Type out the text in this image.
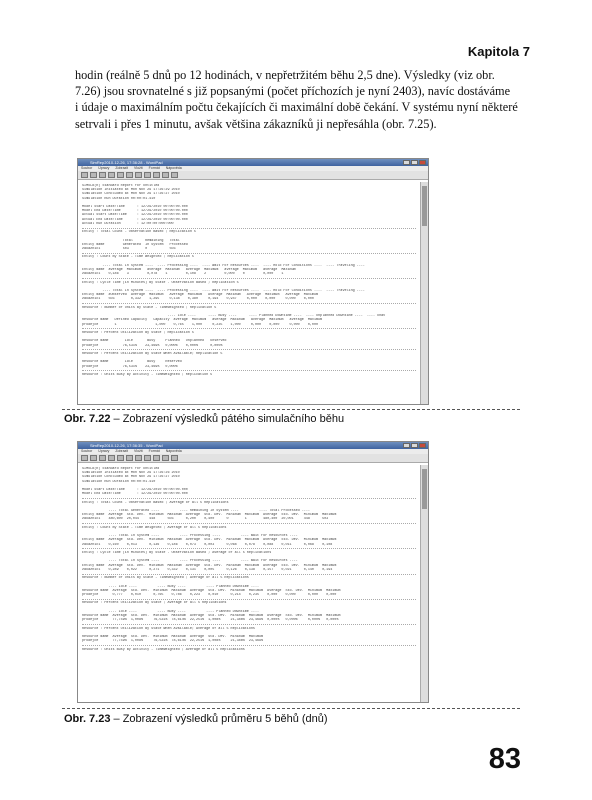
Kapitola 7
hodin (reálně 5 dnů po 12 hodinách, v nepřetržitém běhu 2,5 dne). Výsledky (viz obr.
7.26) jsou srovnatelné s již popsanými (počet příchozích je nyní 2403), navíc dostáváme
i údaje o maximálním počtu čekajících či maximální době čekání. V systému nyní některé
setrvali i přes 1 minutu, avšak většina zákazníků ji nepřesáhla (obr. 7.25).
SimRep2010-12-26, 17:36:28 - WordPad
Soubor Úpravy Zobrazit Vložit Formát Nápověda
SIMUL8(R) Standard Report for Untitled
Simulation Initiated at Mon Nov 29 17:26:29 2010
Simulation Concluded at Mon Nov 29 17:26:27 2010
Simulation Run Duration 00:00:01.410
Model Start Date/Time      : 12/29/2010 00:00:00.000
Model End Date/Time        : 12/29/2010 00:00:00.000
Actual Start Date/Time     : 12/29/2010 00:00:00.000
Actual End Date/Time       : 12/29/2010 00:00:00.000
Actual Run Duration        : 12:00:00:000:000
Entity : Total Count - Observation Based ; Replication 5
Total      Remaining   Total
Entity Name         Generated  In System   Processed
zakaznici           503        0           503
Entity : Count By State - Time Weighted ; Replication 5
---- Total In System ----  ---- Processing ----  ---- Wait For Resources ----  ---- Hold For Conditions ----  ---- Traveling ----
Entity Name  average  Maximum   average  Maximum   average  Maximum   average  Maximum   average  Maximum
zakaznici    0,186    3         0,078    1         0,108    2         0,000    0         0,000    1
Entity : Cycle Time (in Minutes) By State - Observation Based ; Replication 5
---- Total In System ----  ---- Processing ----  ---- Wait For Resources ----  ---- Hold For Conditions ----  ---- Traveling ----
Entity Name  #Observed  Average  Maximum   Average  Maximum   Average  Maximum   Average  Maximum   Average  Maximum
zakaznici    503        0,332    1,295     0,138    0,380     0,194    0,947     0,000    0,000     0,000    0,000
Resource : Number of Units By State - TimeWeighted ; Replication 5
---- Idle ----      ---- Busy ----      ---- Planned Downtime ----  ---- Unplanned Downtime ----  ---- Unav
Resource Name   Defined Capacity   Capacity  average  Maximum   average  Maximum   average  Maximum   average  Maximum
prodejce        1                   1,000    0,765    1,000     0,235    1,000     0,000    0,000     0,000    0,000
Resource : Percent Utilization By State ; Replication 5
Resource Name        Idle       Busy     Planned   Unplanned   Unserved
prodejce            76,531%    23,469%   0,000%    0,000%      0,000%
Resource : Percent Utilization By State When Available; Replication 5
Resource Name        Idle       Busy     Reserved
prodejce            76,531%    23,469%   0,000%
Resource : Units Busy By Activity - TimeWeighted ; Replication 5
Obr. 7.22 – Zobrazení výsledků pátého simulačního běhu
SimRep2010-12-26, 17:36:35 - WordPad
Soubor Úpravy Zobrazit Vložit Formát Nápověda
SIMUL8(R) Standard Report for Untitled
Simulation Initiated at Mon Nov 29 17:26:26 2010
Simulation Concluded at Mon Nov 29 17:26:27 2010
Simulation Run Duration 00:00:01.410
Model Start Date/Time      : 12/29/2010 00:00:00.000
Model End Date/Time        : 12/29/2010 00:00:00.000
Entity : Total Count - Observation Based ; Average of all 5 Replications
---- Total Generated ----          ---- Remaining In System ----          ---- Total Processed ----
Entity Name  Average  Std. Dev.  Minimum  Maximum  Average  Std. Dev.  Minimum  Maximum  Average  Std. Dev.  Minimum  Maximum
zakaznici    480,600  20,044     448      503      0,200    0,400      0        1        480,400  20,001     448      503
Entity : Count By State - Time Weighted ; Average of all 5 Replications
---- Total In System ----          ---- Processing ----          ---- Wait For Resources ----
Entity Name  Average  Std. Dev.  Minimum  Maximum  Average  Std. Dev.  Minimum  Maximum  Average  Std. Dev.  Minimum  Maximum
zakaznici    0,160    0,013      0,136    0,186    0,073    0,003      0,068    0,078    0,088    0,011      0,068    0,108
Entity : Cycle Time (in Minutes) By State - Observation Based ; Average of all 5 Replications
---- Total In System ----          ---- Processing ----          ---- Wait For Resources ----
Entity Name  Average  Std. Dev.  Minimum  Maximum  Average  Std. Dev.  Minimum  Maximum  Average  Std. Dev.  Minimum  Maximum
zakaznici    0,289    0,022      0,271    0,332    0,131    0,005      0,126    0,138    0,157    0,021      0,140    0,194
Resource : Number of Units By State - TimeWeighted ; Average of all 5 Replications
---- Idle ----          ---- Busy ----          ---- Planned Downtime ----
Resource Name  Average  Std. Dev.  Minimum  Maximum  Average  Std. Dev.  Minimum  Maximum  Average  Std. Dev.  Minimum  Maximum
prodejce       0,777    0,010      0,765    0,786    0,223    0,010      0,214    0,235    0,000    0,000      0,000    0,000
Resource : Percent Utilization By State ; Average of all 5 Replications
---- Idle ----          ---- Busy ----          ---- Planned Downtime ----
Resource Name  Average  Std. Dev.  Minimum  Maximum  Average  Std. Dev.  Minimum  Maximum  Average  Std. Dev.  Minimum  Maximum
prodejce       77,749%  1,008%     76,531%  78,614%  22,251%  1,008%     21,386%  23,469%  0,000%   0,000%     0,000%   0,000%
Resource : Percent Utilization By State When Available; Average of all 5 Replications
Resource Name  Average  Std. Dev.  Minimum  Maximum  Average  Std. Dev.  Minimum  Maximum
prodejce       77,749%  1,008%     76,531%  78,614%  22,251%  1,008%     21,386%  23,469%
Resource : Units Busy By Activity - TimeWeighted ; Average of all 5 Replications
Obr. 7.23 – Zobrazení výsledků průměru 5 běhů (dnů)
83
